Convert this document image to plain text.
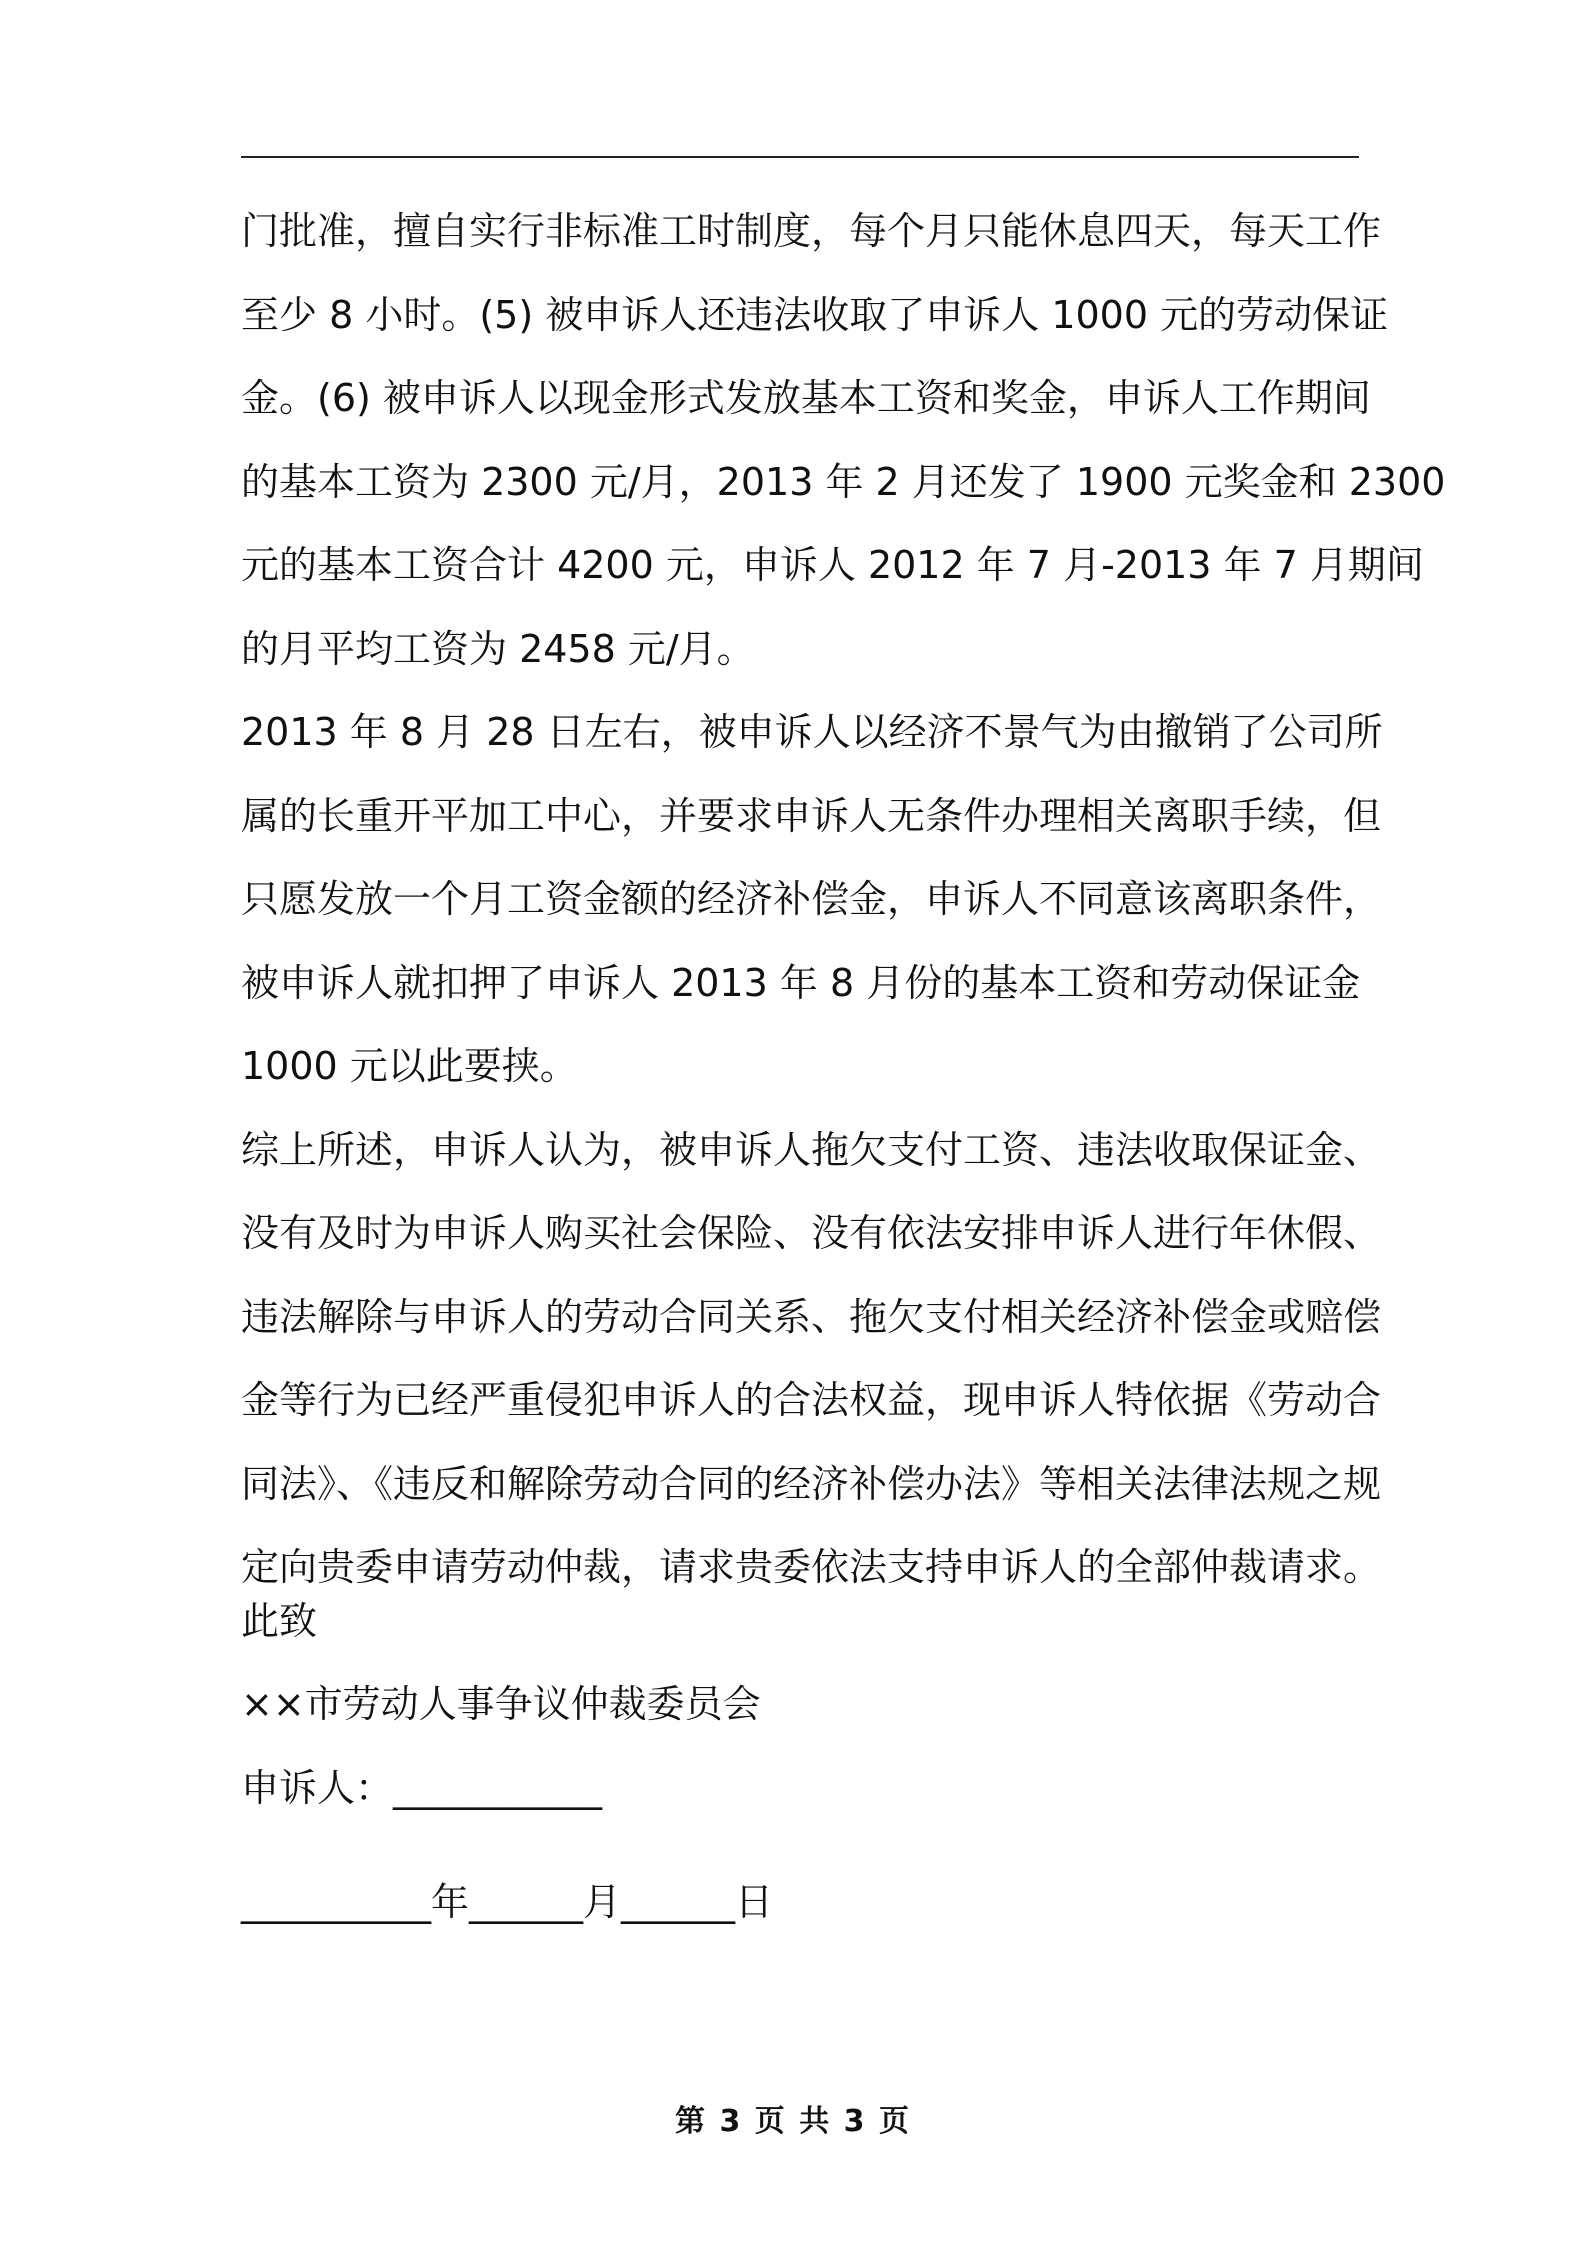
门批准，擅自实行非标准工时制度，每个月只能休息四天，每天工作
至少 8 小时。(5) 被申诉人还违法收取了申诉人 1000 元的劳动保证
金。(6) 被申诉人以现金形式发放基本工资和奖金，申诉人工作期间
的基本工资为 2300 元/月，2013 年 2 月还发了 1900 元奖金和 2300
元的基本工资合计 4200 元，申诉人 2012 年 7 月-2013 年 7 月期间
的月平均工资为 2458 元/月。
2013 年 8 月 28 日左右，被申诉人以经济不景气为由撤销了公司所
属的长重开平加工中心，并要求申诉人无条件办理相关离职手续，但
只愿发放一个月工资金额的经济补偿金，申诉人不同意该离职条件，
被申诉人就扣押了申诉人 2013 年 8 月份的基本工资和劳动保证金
1000 元以此要挟。
综上所述，申诉人认为，被申诉人拖欠支付工资、违法收取保证金、
没有及时为申诉人购买社会保险、没有依法安排申诉人进行年休假、
违法解除与申诉人的劳动合同关系、拖欠支付相关经济补偿金或赔偿
金等行为已经严重侵犯申诉人的合法权益，现申诉人特依据《劳动合
同法》、《违反和解除劳动合同的经济补偿办法》等相关法律法规之规
定向贵委申请劳动仲裁，请求贵委依法支持申诉人的全部仲裁请求。
此致
××市劳动人事争议仲裁委员会
申诉人：___________
__________年______月______日
第 3 页 共 3 页
